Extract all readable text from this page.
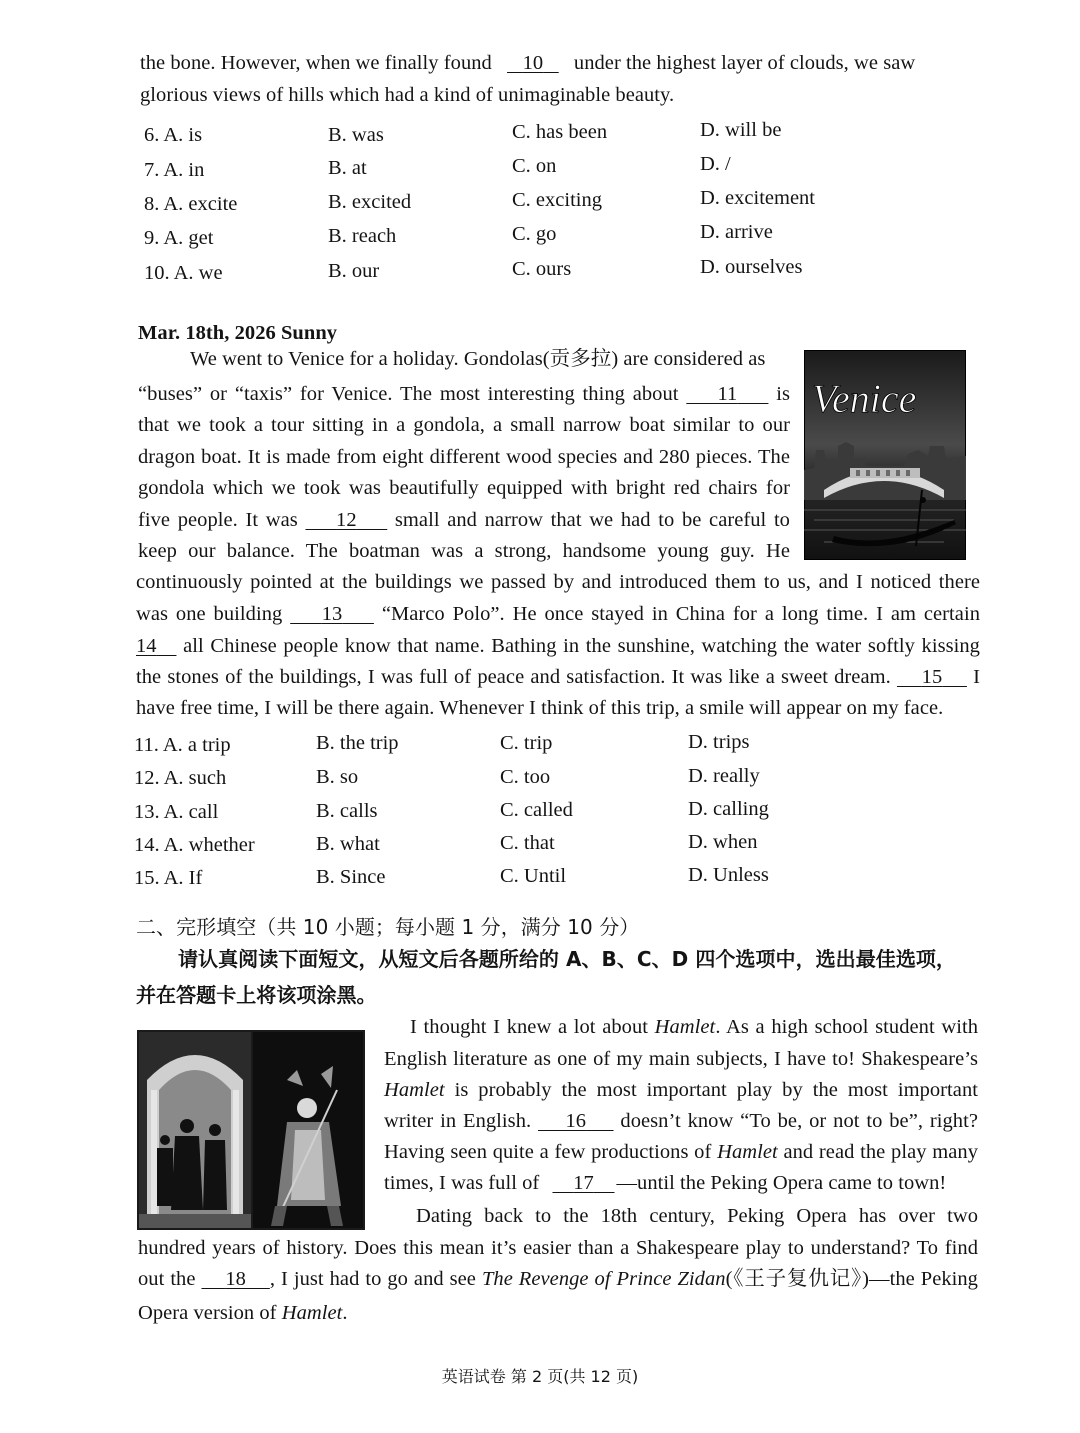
the bone. However, when we finally found 10 under the highest layer of clouds, we saw
glorious views of hills which had a kind of unimaginable beauty.
6. A. is	B. was	C. has been	D. will be
7. A. in	B. at	C. on	D. /
8. A. excite	B. excited	C. exciting	D. excitement
9. A. get	B. reach	C. go	D. arrive
10. A. we	B. our	C. ours	D. ourselves
Mar. 18th, 2026 Sunny
We went to Venice for a holiday. Gondolas(贡多拉) are considered as
“buses” or “taxis” for Venice. The most interesting thing about 11 is
that we took a tour sitting in a gondola, a small narrow boat similar to our
dragon boat. It is made from eight different wood species and 280 pieces. The
gondola which we took was beautifully equipped with bright red chairs for
five people. It was 12 small and narrow that we had to be careful to
keep our balance. The boatman was a strong, handsome young guy. He
continuously pointed at the buildings we passed by and introduced them to us, and I noticed there
was one building 13 “Marco Polo”. He once stayed in China for a long time. I am certain
14 all Chinese people know that name. Bathing in the sunshine, watching the water softly kissing
the stones of the buildings, I was full of peace and satisfaction. It was like a sweet dream. 15 I
have free time, I will be there again. Whenever I think of this trip, a smile will appear on my face.
Venice
11. A. a trip	B. the trip	C. trip	D. trips
12. A. such	B. so	C. too	D. really
13. A. call	B. calls	C. called	D. calling
14. A. whether	B. what	C. that	D. when
15. A. If	B. Since	C. Until	D. Unless
二、完形填空（共 10 小题；每小题 1 分，满分 10 分）
请认真阅读下面短文，从短文后各题所给的 A、B、C、D 四个选项中，选出最佳选项，
并在答题卡上将该项涂黑。
I thought I knew a lot about Hamlet. As a high school student with
English literature as one of my main subjects, I have to! Shakespeare’s
Hamlet is probably the most important play by the most important
writer in English. 16 doesn’t know “To be, or not to be”, right?
Having seen quite a few productions of Hamlet and read the play many
times, I was full of 17 —until the Peking Opera came to town!
Dating back to the 18th century, Peking Opera has over two
hundred years of history. Does this mean it’s easier than a Shakespeare play to understand? To find
out the 18 , I just had to go and see The Revenge of Prince Zidan(《王子复仇记》)—the Peking
Opera version of Hamlet.
英语试卷 第 2 页(共 12 页)
